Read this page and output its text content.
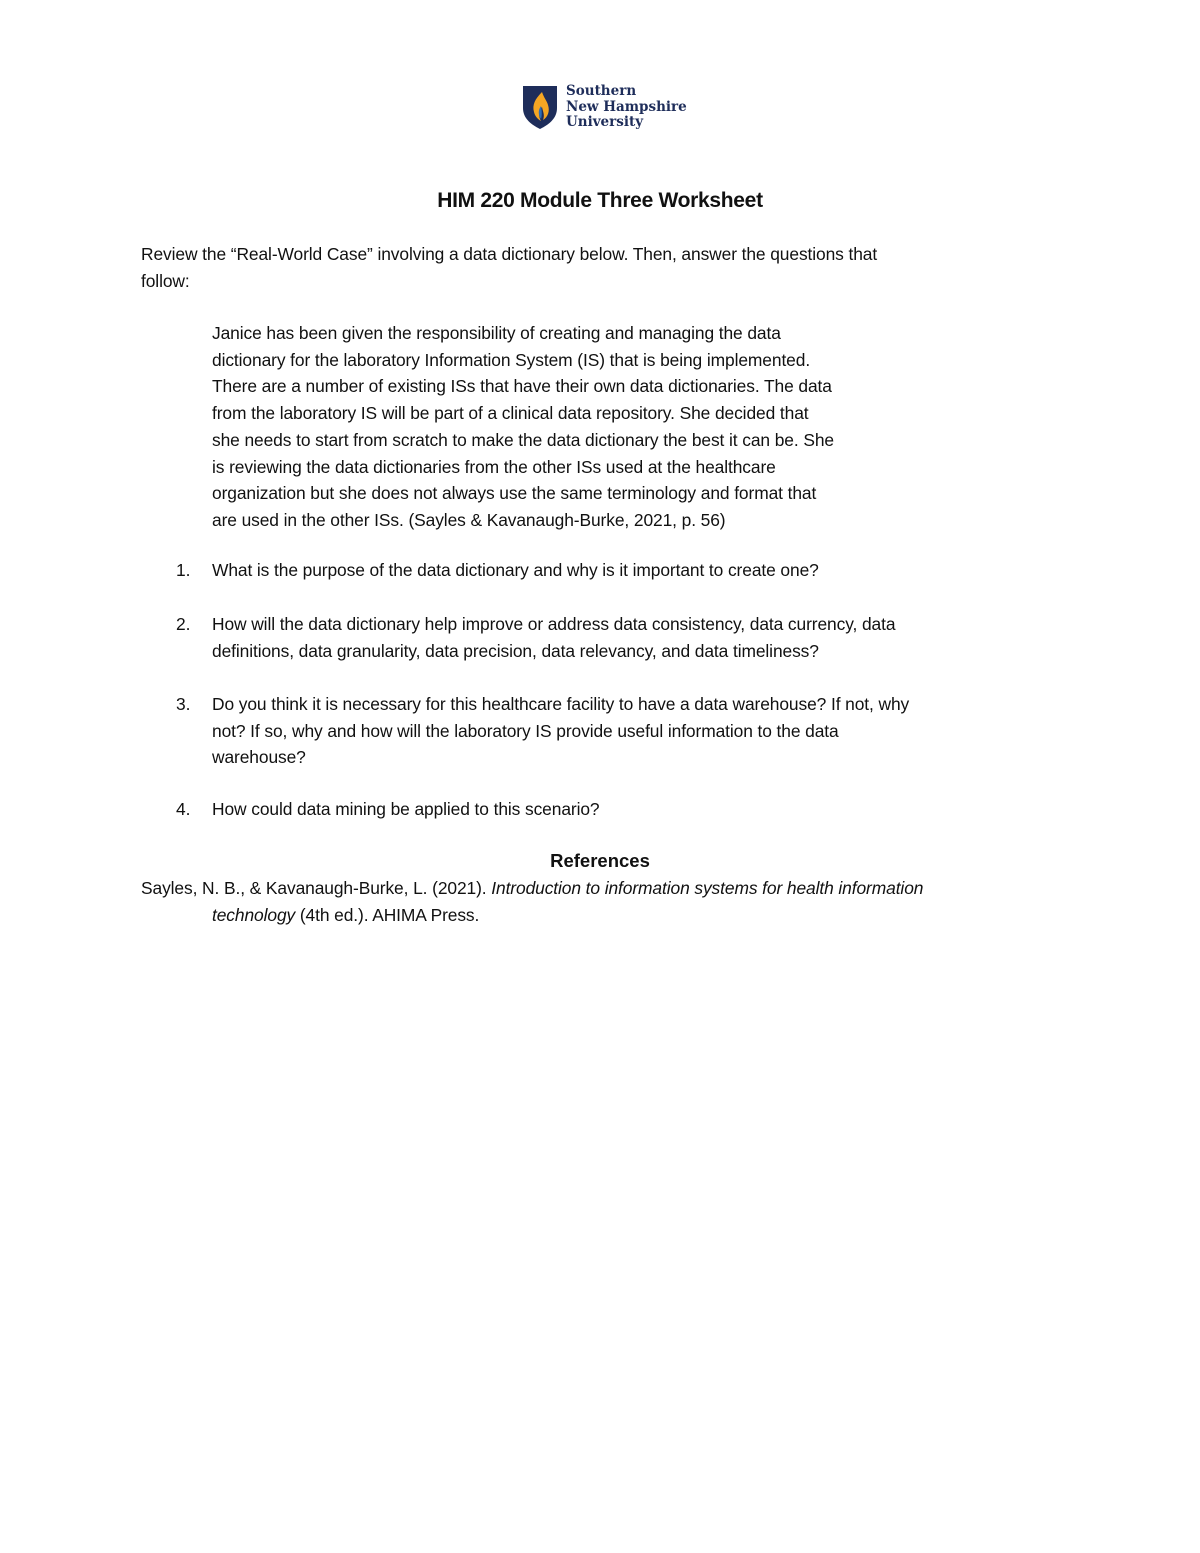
Southern
New Hampshire
University
HIM 220 Module Three Worksheet
Review the “Real-World Case” involving a data dictionary below. Then, answer the questions that
follow:
Janice has been given the responsibility of creating and managing the data
dictionary for the laboratory Information System (IS) that is being implemented.
There are a number of existing ISs that have their own data dictionaries. The data
from the laboratory IS will be part of a clinical data repository. She decided that
she needs to start from scratch to make the data dictionary the best it can be. She
is reviewing the data dictionaries from the other ISs used at the healthcare
organization but she does not always use the same terminology and format that
are used in the other ISs. (Sayles & Kavanaugh-Burke, 2021, p. 56)
1.	What is the purpose of the data dictionary and why is it important to create one?
2.	How will the data dictionary help improve or address data consistency, data currency, data
definitions, data granularity, data precision, data relevancy, and data timeliness?
3.	Do you think it is necessary for this healthcare facility to have a data warehouse? If not, why
not? If so, why and how will the laboratory IS provide useful information to the data
warehouse?
4.	How could data mining be applied to this scenario?
References
Sayles, N. B., & Kavanaugh-Burke, L. (2021). Introduction to information systems for health information
technology (4th ed.). AHIMA Press.
